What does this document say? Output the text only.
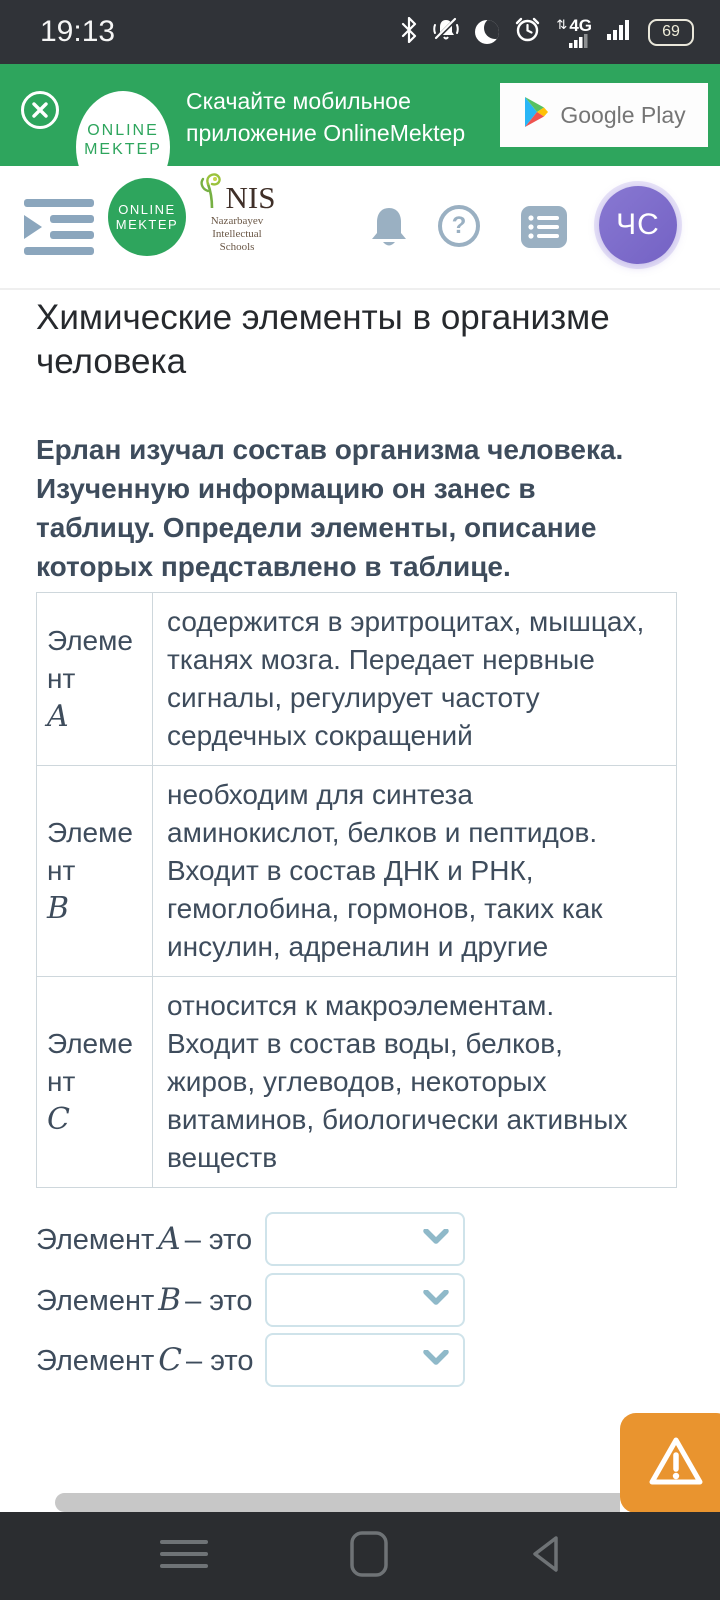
19:13	⇅ 4G	69
ONLINE
MEKTEP
Скачайте мобильное
приложение OnlineMektep
Google Play
ONLINE
MEKTEP
NIS
Nazarbayev
Intellectual
Schools
?	ЧС
Химические элементы в организме человека
Ерлан изучал состав организма человека. Изученную информацию он занес в таблицу. Определи элементы, описание которых представлено в таблице.
Элемент
A

содержится в эритроцитах, мышцах,
тканях мозга. Передает нервные
сигналы, регулирует частоту
сердечных сокращений

Элемент
B

необходим для синтеза
аминокислот, белков и пептидов.
Входит в состав ДНК и РНК,
гемоглобина, гормонов, таких как
инсулин, адреналин и другие

Элемент
C

относится к макроэлементам.
Входит в состав воды, белков,
жиров, углеводов, некоторых
витаминов, биологически активных
веществ
Элемент A – это
Элемент B – это
Элемент C – это
